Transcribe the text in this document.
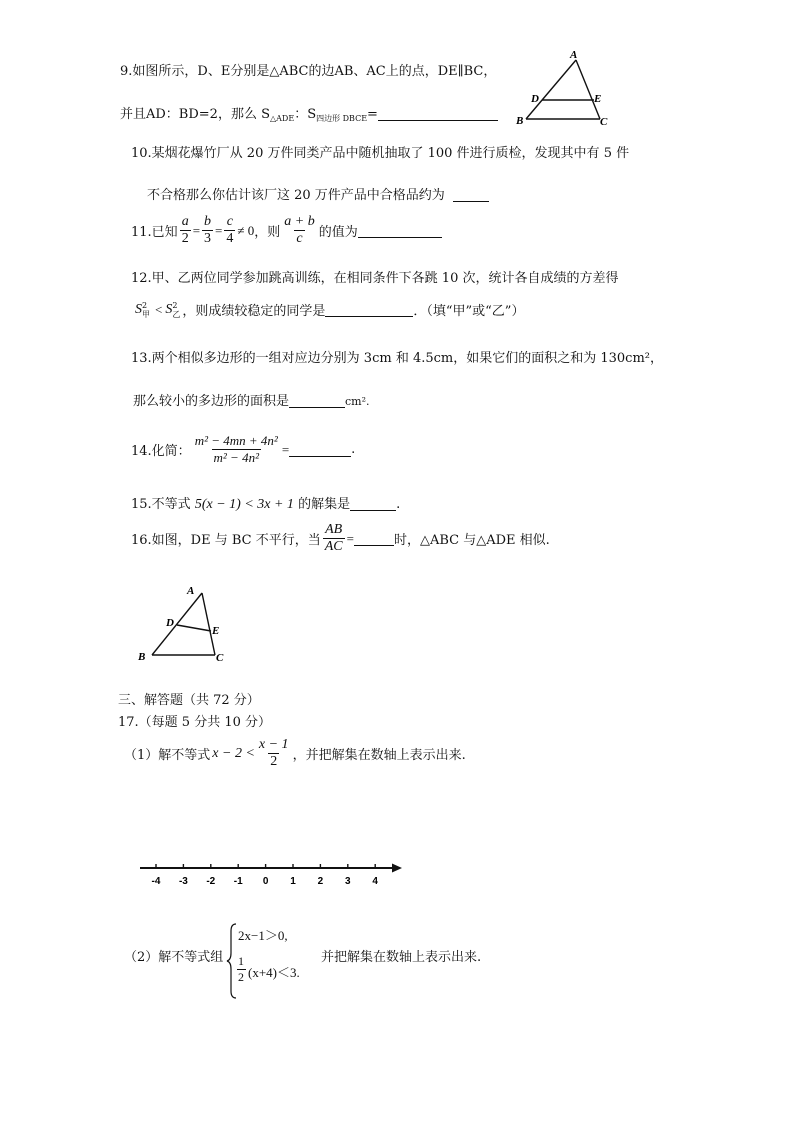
9.如图所示，D、E分别是△ABC的边AB、AC上的点，DE∥BC，
并且AD：BD=2，那么 $S_{\triangle ADE}$：$S_{四边形 DBCE}=$
A
D	E
B	C
10.某烟花爆竹厂从 20 万件同类产品中随机抽取了 100 件进行质检，发现其中有 5 件
不合格那么你估计该厂这 20 万件产品中合格品约为
11.已知 $\frac{a}{2} = \frac{b}{3} = \frac{c}{4} \ne 0$ ，则 $\frac{a + b}{c}$ 的值为
12.甲、乙两位同学参加跳高训练，在相同条件下各跳 10 次，统计各自成绩的方差得
S 2
甲 < S 2
乙 ，则成绩较稳定的同学是	．（填“甲”或“乙”）
13.两个相似多边形的一组对应边分别为 3cm 和 4.5cm，如果它们的面积之和为 130cm²，
那么较小的多边形的面积是	cm².
14.化简： $\frac{\text{m² − 4mn + 4n²}}{\text{m² − 4n²}}$ =	.
15.不等式 5(x − 1) < 3x + 1 的解集是	.
16.如图，DE 与 BC 不平行，当 $\frac{AB}{AC}$ =	时，△ABC 与△ADE 相似.
A
D
E
B	C
三、解答题（共 72 分）
17.（每题 5 分共 10 分）
（1）解不等式 $x - 2 < \frac{x - 1}{2}$ ，并把解集在数轴上表示出来.
-4 -3 -2 -1 0 1 2 3 4
（2）解不等式组
2x−1＞0,
1
2 (x+4)＜3.
并把解集在数轴上表示出来.
